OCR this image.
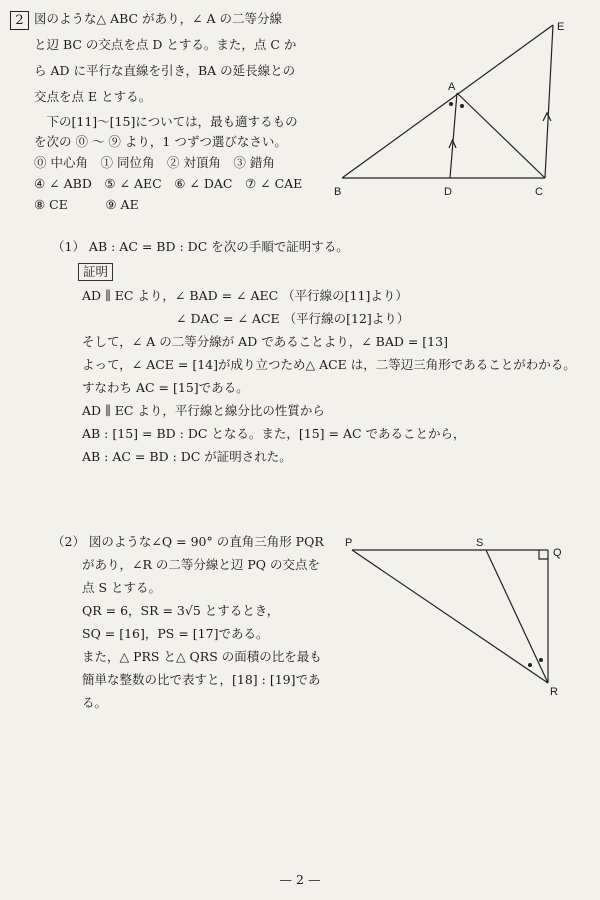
2 図のような△ ABC があり，∠ A の二等分線
と辺 BC の交点を点 D とする。また，点 C か
ら AD に平行な直線を引き，BA の延長線との
交点を点 E とする。
　下の[11]～[15]については，最も適するもの
を次の ⓪ ～ ⑨ より，1 つずつ選びなさい。
⓪ 中心角　① 同位角　② 対頂角　③ 錯角
④ ∠ ABD　⑤ ∠ AEC　⑥ ∠ DAC　⑦ ∠ CAE
⑧ CE　　　⑨ AE
A
B	C
D
E
（1） AB : AC = BD : DC を次の手順で証明する。
証明
AD ∥ EC より，∠ BAD = ∠ AEC （平行線の[11]より）
∠ DAC = ∠ ACE （平行線の[12]より）
そして，∠ A の二等分線が AD であることより，∠ BAD = [13]
よって，∠ ACE = [14]が成り立つため△ ACE は，二等辺三角形であることがわかる。
すなわち AC = [15]である。
AD ∥ EC より，平行線と線分比の性質から
AB : [15] = BD : DC となる。また，[15] = AC であることから，
AB : AC = BD : DC が証明された。
（2） 図のような∠Q = 90° の直角三角形 PQR
があり，∠R の二等分線と辺 PQ の交点を
点 S とする。
QR = 6，SR = 3√5 とするとき，
SQ = [16]，PS = [17]である。
また，△ PRS と△ QRS の面積の比を最も
簡単な整数の比で表すと，[18] : [19]であ
る。
P	S
Q
R
— 2 —
